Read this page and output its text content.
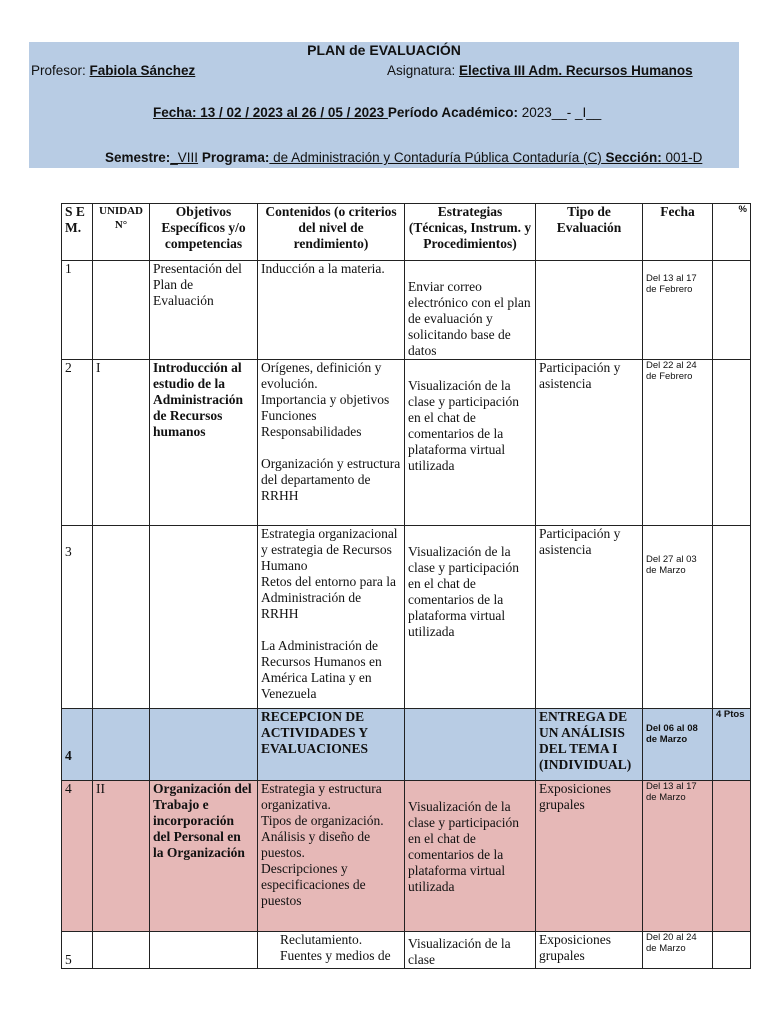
PLAN de EVALUACIÓN
Profesor: Fabiola Sánchez	Asignatura: Electiva III Adm. Recursos Humanos
Fecha: 13 / 02 / 2023 al 26 / 05 / 2023 Período Académico: 2023__- _I__
Semestre:_VIII Programa: de Administración y Contaduría Pública Contaduría (C) Sección: 001-D
S E M.	UNIDAD N°	Objetivos Específicos y/o competencias	Contenidos (o criterios del nivel de rendimiento)	Estrategias (Técnicas, Instrum. y Procedimientos)	Tipo de Evaluación	Fecha	%
1		Presentación del Plan de Evaluación	Inducción a la materia.	Enviar correo electrónico con el plan de evaluación y solicitando base de datos		Del 13 al 17 de Febrero	
2	I	Introducción al estudio de la Administración de Recursos humanos	Orígenes, definición y evolución.
Importancia y objetivos
Funciones
Responsabilidades
Organización y estructura del departamento de RRHH	Visualización de la clase y participación en el chat de comentarios de la plataforma virtual utilizada	Participación y asistencia	Del 22 al 24 de Febrero	

3			Estrategia organizacional y estrategia de Recursos Humano
Retos del entorno para la Administración de RRHH
La Administración de Recursos Humanos en América Latina y en Venezuela	Visualización de la clase y participación en el chat de comentarios de la plataforma virtual utilizada	Participación y asistencia	Del 27 al 03 de Marzo	
4			RECEPCION DE ACTIVIDADES Y EVALUACIONES		ENTREGA DE UN ANÁLISIS DEL TEMA I (INDIVIDUAL)	Del 06 al 08 de Marzo	4 Ptos
4	II	Organización del Trabajo e incorporación del Personal en la Organización	Estrategia y estructura organizativa.
Tipos de organización.
Análisis y diseño de puestos.
Descripciones y especificaciones de puestos	Visualización de la clase y participación en el chat de comentarios de la plataforma virtual utilizada	Exposiciones grupales	Del 13 al 17 de Marzo	
5			Reclutamiento.
Fuentes y medios de	Visualización de la clase	Exposiciones grupales	Del 20 al 24 de Marzo	
